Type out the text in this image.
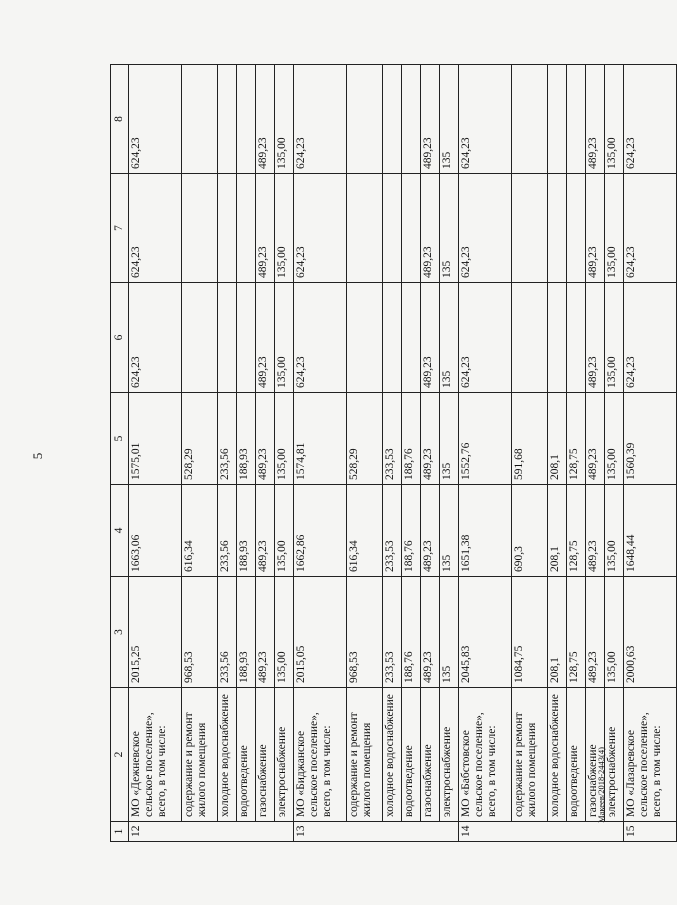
5
Макеев/2018-2443(4)
1	2	3	4	5	6	7	8
12	МО «Дежневское сельское поселение», всего, в том числе:	2015,25	1663,06	1575,01	624,23	624,23	624,23
	содержание и ремонт жилого помещения	968,53	616,34	528,29			
	холодное водоснабжение	233,56	233,56	233,56			
	водоотведение	188,93	188,93	188,93			
	газоснабжение	489,23	489,23	489,23	489,23	489,23	489,23
	электроснабжение	135,00	135,00	135,00	135,00	135,00	135,00
13	МО «Биджанское сельское поселение», всего, в том числе:	2015,05	1662,86	1574,81	624,23	624,23	624,23
	содержание и ремонт жилого помещения	968,53	616,34	528,29			
	холодное водоснабжение	233,53	233,53	233,53			
	водоотведение	188,76	188,76	188,76			
	газоснабжение	489,23	489,23	489,23	489,23	489,23	489,23
	электроснабжение	135	135	135	135	135	135
14	МО «Бабстовское сельское поселение», всего, в том числе:	2045,83	1651,38	1552,76	624,23	624,23	624,23
	содержание и ремонт жилого помещения	1084,75	690,3	591,68			
	холодное водоснабжение	208,1	208,1	208,1			
	водоотведение	128,75	128,75	128,75			
	газоснабжение	489,23	489,23	489,23	489,23	489,23	489,23
	электроснабжение	135,00	135,00	135,00	135,00	135,00	135,00
15	МО «Лазаревское сельское поселение», всего, в том числе:	2000,63	1648,44	1560,39	624,23	624,23	624,23
